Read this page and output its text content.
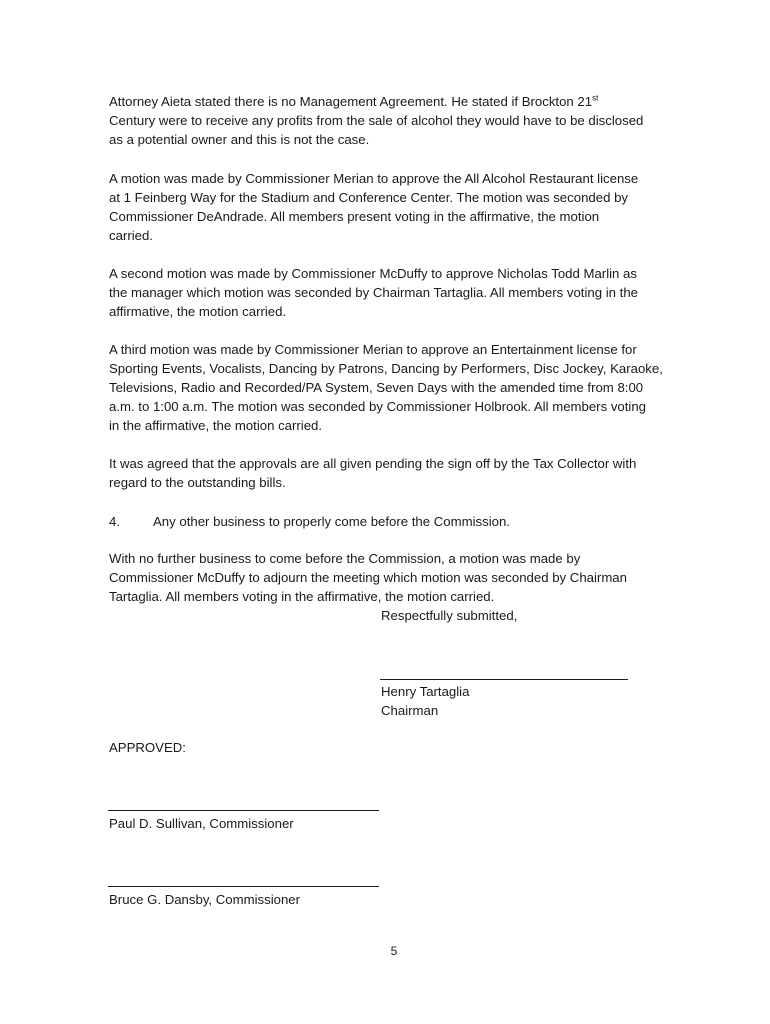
Attorney Aieta stated there is no Management Agreement. He stated if Brockton 21st
Century were to receive any profits from the sale of alcohol they would have to be disclosed
as a potential owner and this is not the case.

A motion was made by Commissioner Merian to approve the All Alcohol Restaurant license
at 1 Feinberg Way for the Stadium and Conference Center. The motion was seconded by
Commissioner DeAndrade. All members present voting in the affirmative, the motion
carried.

A second motion was made by Commissioner McDuffy to approve Nicholas Todd Marlin as
the manager which motion was seconded by Chairman Tartaglia. All members voting in the
affirmative, the motion carried.

A third motion was made by Commissioner Merian to approve an Entertainment license for
Sporting Events, Vocalists, Dancing by Patrons, Dancing by Performers, Disc Jockey, Karaoke,
Televisions, Radio and Recorded/PA System, Seven Days with the amended time from 8:00
a.m. to 1:00 a.m. The motion was seconded by Commissioner Holbrook. All members voting
in the affirmative, the motion carried.

It was agreed that the approvals are all given pending the sign off by the Tax Collector with
regard to the outstanding bills.

4.	Any other business to properly come before the Commission.

With no further business to come before the Commission, a motion was made by
Commissioner McDuffy to adjourn the meeting which motion was seconded by Chairman
Tartaglia. All members voting in the affirmative, the motion carried.

Respectfully submitted,
Henry Tartaglia
Chairman
APPROVED:
Paul D. Sullivan, Commissioner
Bruce G. Dansby, Commissioner
5
